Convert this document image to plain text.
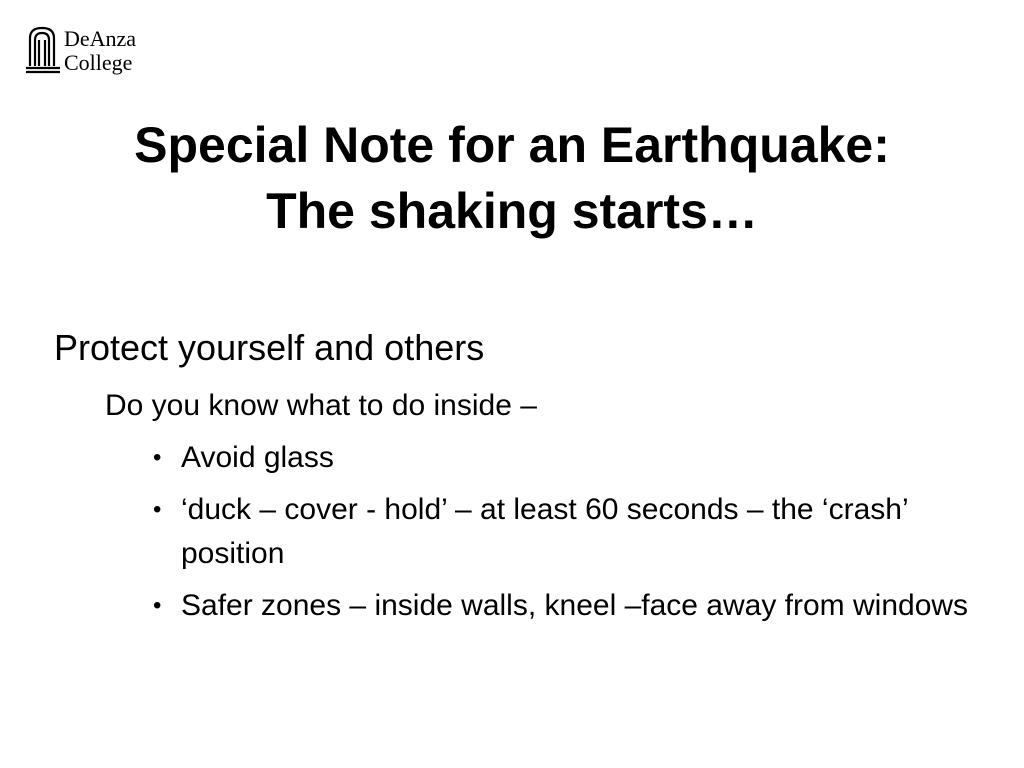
DeAnza
College
Special Note for an Earthquake:
The shaking starts…
Protect yourself and others
Do you know what to do inside –
• Avoid glass
• ‘duck – cover - hold’ – at least 60 seconds – the ‘crash’ position
• Safer zones – inside walls, kneel –face away from windows
